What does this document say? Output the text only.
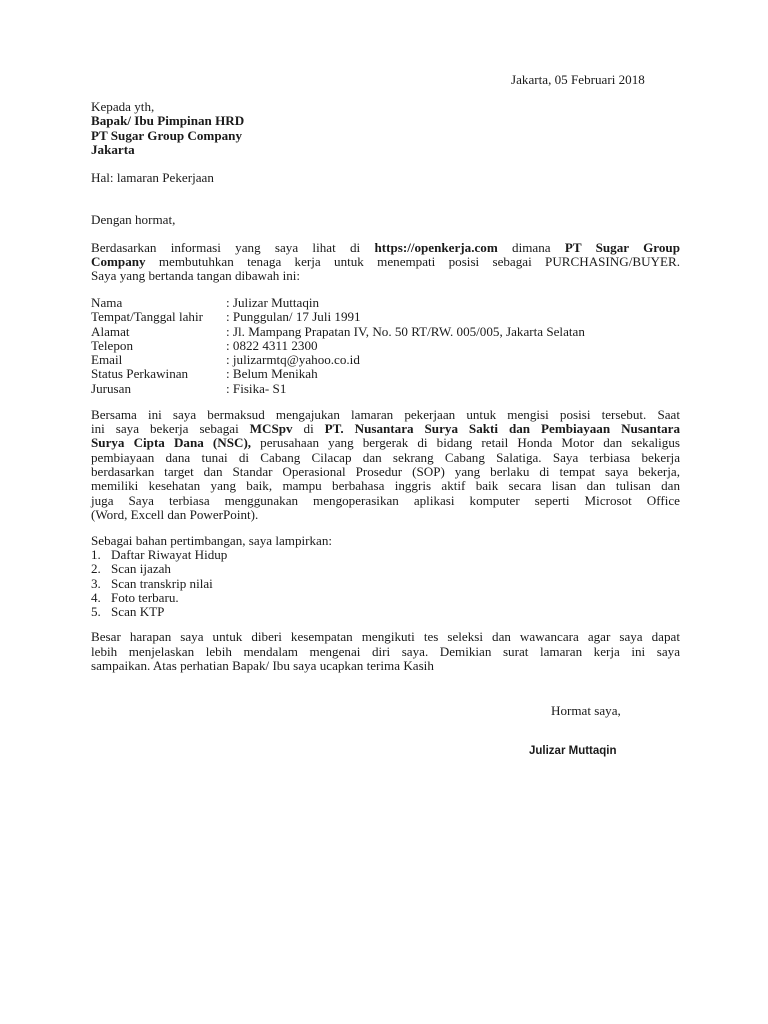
Jakarta, 05 Februari 2018
Kepada yth,
Bapak/ Ibu Pimpinan HRD
PT Sugar Group Company
Jakarta
Hal: lamaran Pekerjaan
Dengan hormat,
Berdasarkan informasi yang saya lihat di https://openkerja.com dimana PT Sugar Group
Company membutuhkan tenaga kerja untuk menempati posisi sebagai PURCHASING/BUYER.
Saya yang bertanda tangan dibawah ini:
Nama	: Julizar Muttaqin
Tempat/Tanggal lahir : Punggulan/ 17 Juli 1991
Alamat	: Jl. Mampang Prapatan IV, No. 50 RT/RW. 005/005, Jakarta Selatan
Telepon	: 0822 4311 2300
Email	: julizarmtq@yahoo.co.id
Status Perkawinan	: Belum Menikah
Jurusan	: Fisika- S1
Bersama ini saya bermaksud mengajukan lamaran pekerjaan untuk mengisi posisi tersebut. Saat
ini saya bekerja sebagai MCSpv di PT. Nusantara Surya Sakti dan Pembiayaan Nusantara
Surya Cipta Dana (NSC), perusahaan yang bergerak di bidang retail Honda Motor dan sekaligus
pembiayaan dana tunai di Cabang Cilacap dan sekrang Cabang Salatiga. Saya terbiasa bekerja
berdasarkan target dan Standar Operasional Prosedur (SOP) yang berlaku di tempat saya bekerja,
memiliki kesehatan yang baik, mampu berbahasa inggris aktif baik secara lisan dan tulisan dan
juga Saya terbiasa menggunakan mengoperasikan aplikasi komputer seperti Microsot Office
(Word, Excell dan PowerPoint).
Sebagai bahan pertimbangan, saya lampirkan:
1. Daftar Riwayat Hidup
2. Scan ijazah
3. Scan transkrip nilai
4. Foto terbaru.
5. Scan KTP
Besar harapan saya untuk diberi kesempatan mengikuti tes seleksi dan wawancara agar saya dapat
lebih menjelaskan lebih mendalam mengenai diri saya. Demikian surat lamaran kerja ini saya
sampaikan. Atas perhatian Bapak/ Ibu saya ucapkan terima Kasih
Hormat saya,
Julizar Muttaqin
